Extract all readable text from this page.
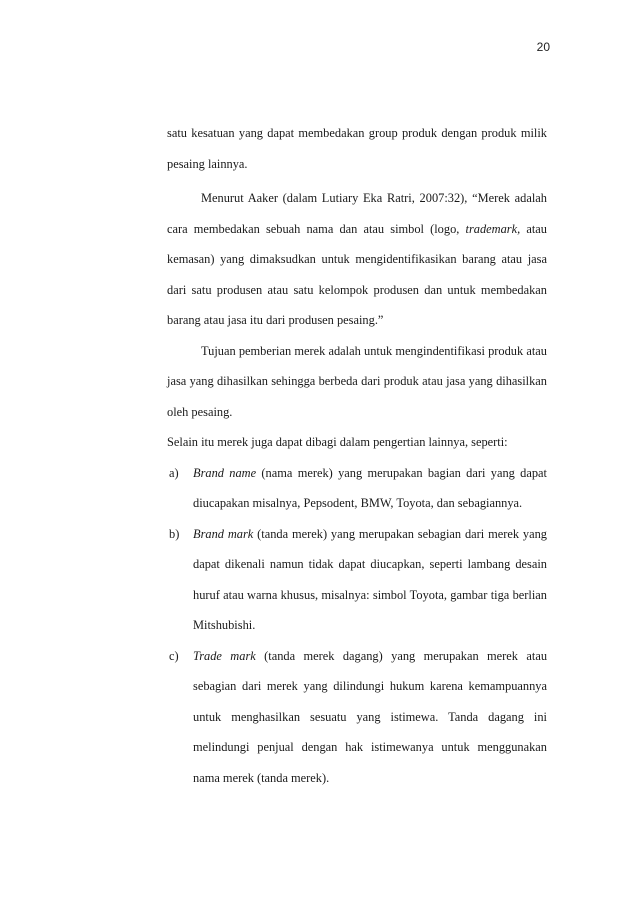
20

satu kesatuan yang dapat membedakan group produk dengan produk milik pesaing lainnya.

Menurut Aaker (dalam Lutiary Eka Ratri, 2007:32), “Merek adalah cara membedakan sebuah nama dan atau simbol (logo, trademark, atau kemasan) yang dimaksudkan untuk mengidentifikasikan barang atau jasa dari satu produsen atau satu kelompok produsen dan untuk membedakan barang atau jasa itu dari produsen pesaing.”

Tujuan pemberian merek adalah untuk mengindentifikasi produk atau jasa yang dihasilkan sehingga berbeda dari produk atau jasa yang dihasilkan oleh pesaing.

Selain itu merek juga dapat dibagi dalam pengertian lainnya, seperti:

a)	Brand name (nama merek) yang merupakan bagian dari yang dapat diucapakan misalnya, Pepsodent, BMW, Toyota, dan sebagiannya.
b)	Brand mark (tanda merek) yang merupakan sebagian dari merek yang dapat dikenali namun tidak dapat diucapkan, seperti lambang desain huruf atau warna khusus, misalnya: simbol Toyota, gambar tiga berlian Mitshubishi.
c)	Trade mark (tanda merek dagang) yang merupakan merek atau sebagian dari merek yang dilindungi hukum karena kemampuannya untuk menghasilkan sesuatu yang istimewa. Tanda dagang ini melindungi penjual dengan hak istimewanya untuk menggunakan nama merek (tanda merek).
